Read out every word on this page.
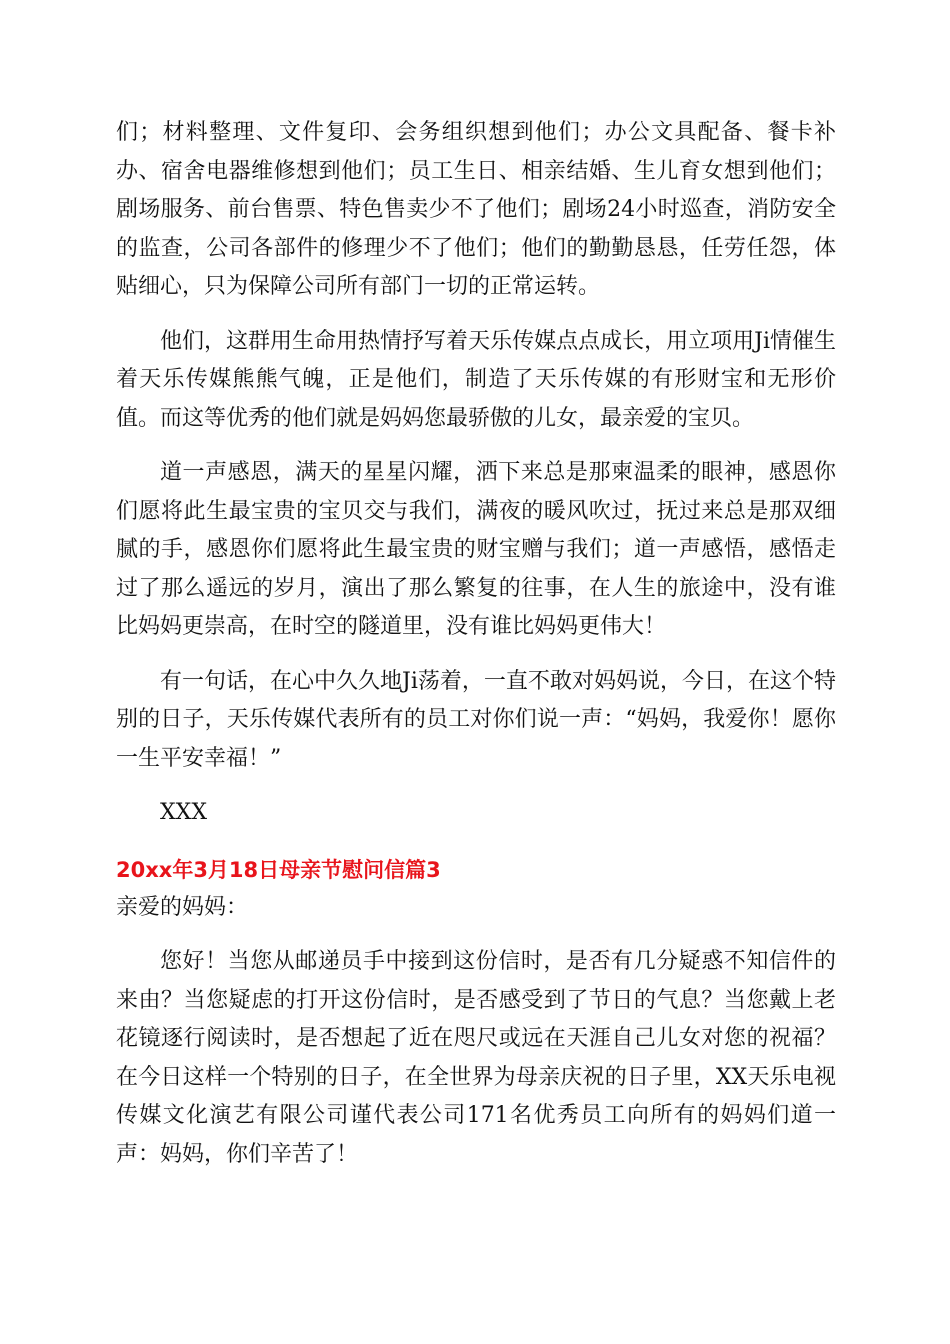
们；材料整理、文件复印、会务组织想到他们；办公文具配备、餐卡补办、宿舍电器维修想到他们；员工生日、相亲结婚、生儿育女想到他们；剧场服务、前台售票、特色售卖少不了他们；剧场24小时巡查，消防安全的监查，公司各部件的修理少不了他们；他们的勤勤恳恳，任劳任怨，体贴细心，只为保障公司所有部门一切的正常运转。

他们，这群用生命用热情抒写着天乐传媒点点成长，用立项用Ji情催生着天乐传媒熊熊气魄，正是他们，制造了天乐传媒的有形财宝和无形价值。而这等优秀的他们就是妈妈您最骄傲的儿女，最亲爱的宝贝。

道一声感恩，满天的星星闪耀，洒下来总是那柬温柔的眼神，感恩你们愿将此生最宝贵的宝贝交与我们，满夜的暖风吹过，抚过来总是那双细腻的手，感恩你们愿将此生最宝贵的财宝赠与我们；道一声感悟，感悟走过了那么遥远的岁月，演出了那么繁复的往事，在人生的旅途中，没有谁比妈妈更崇高，在时空的隧道里，没有谁比妈妈更伟大！

有一句话，在心中久久地Ji荡着，一直不敢对妈妈说，今日，在这个特别的日子，天乐传媒代表所有的员工对你们说一声：“妈妈，我爱你！愿你一生平安幸福！”

XXX

20xx年3月18日母亲节慰问信篇3

亲爱的妈妈：

您好！当您从邮递员手中接到这份信时，是否有几分疑惑不知信件的来由？当您疑虑的打开这份信时，是否感受到了节日的气息？当您戴上老花镜逐行阅读时，是否想起了近在咫尺或远在天涯自己儿女对您的祝福？在今日这样一个特别的日子，在全世界为母亲庆祝的日子里，XX天乐电视传媒文化演艺有限公司谨代表公司171名优秀员工向所有的妈妈们道一声：妈妈，你们辛苦了！
